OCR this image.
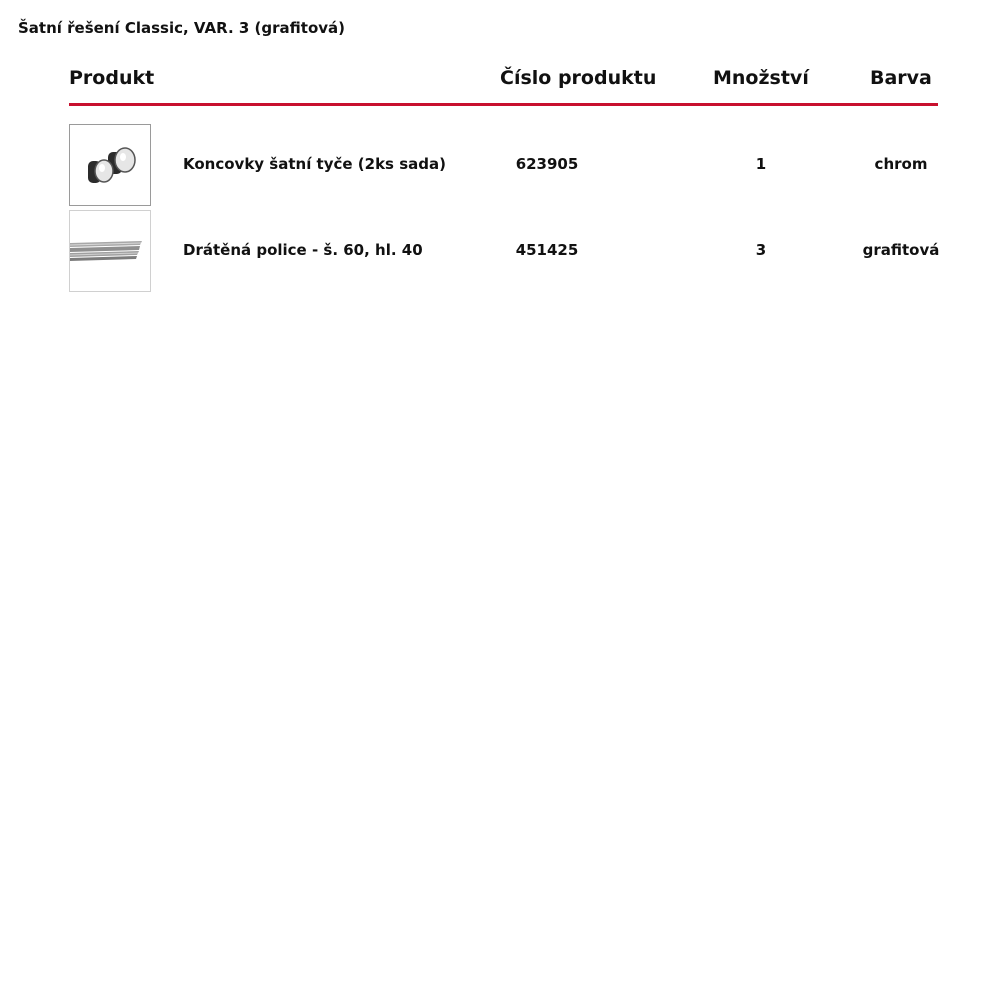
Šatní řešení Classic, VAR. 3 (grafitová)
Produkt	Číslo produktu	Množství	Barva
Koncovky šatní tyče (2ks sada)	623905	1	chrom
Drátěná police - š. 60, hl. 40	451425	3	grafitová
